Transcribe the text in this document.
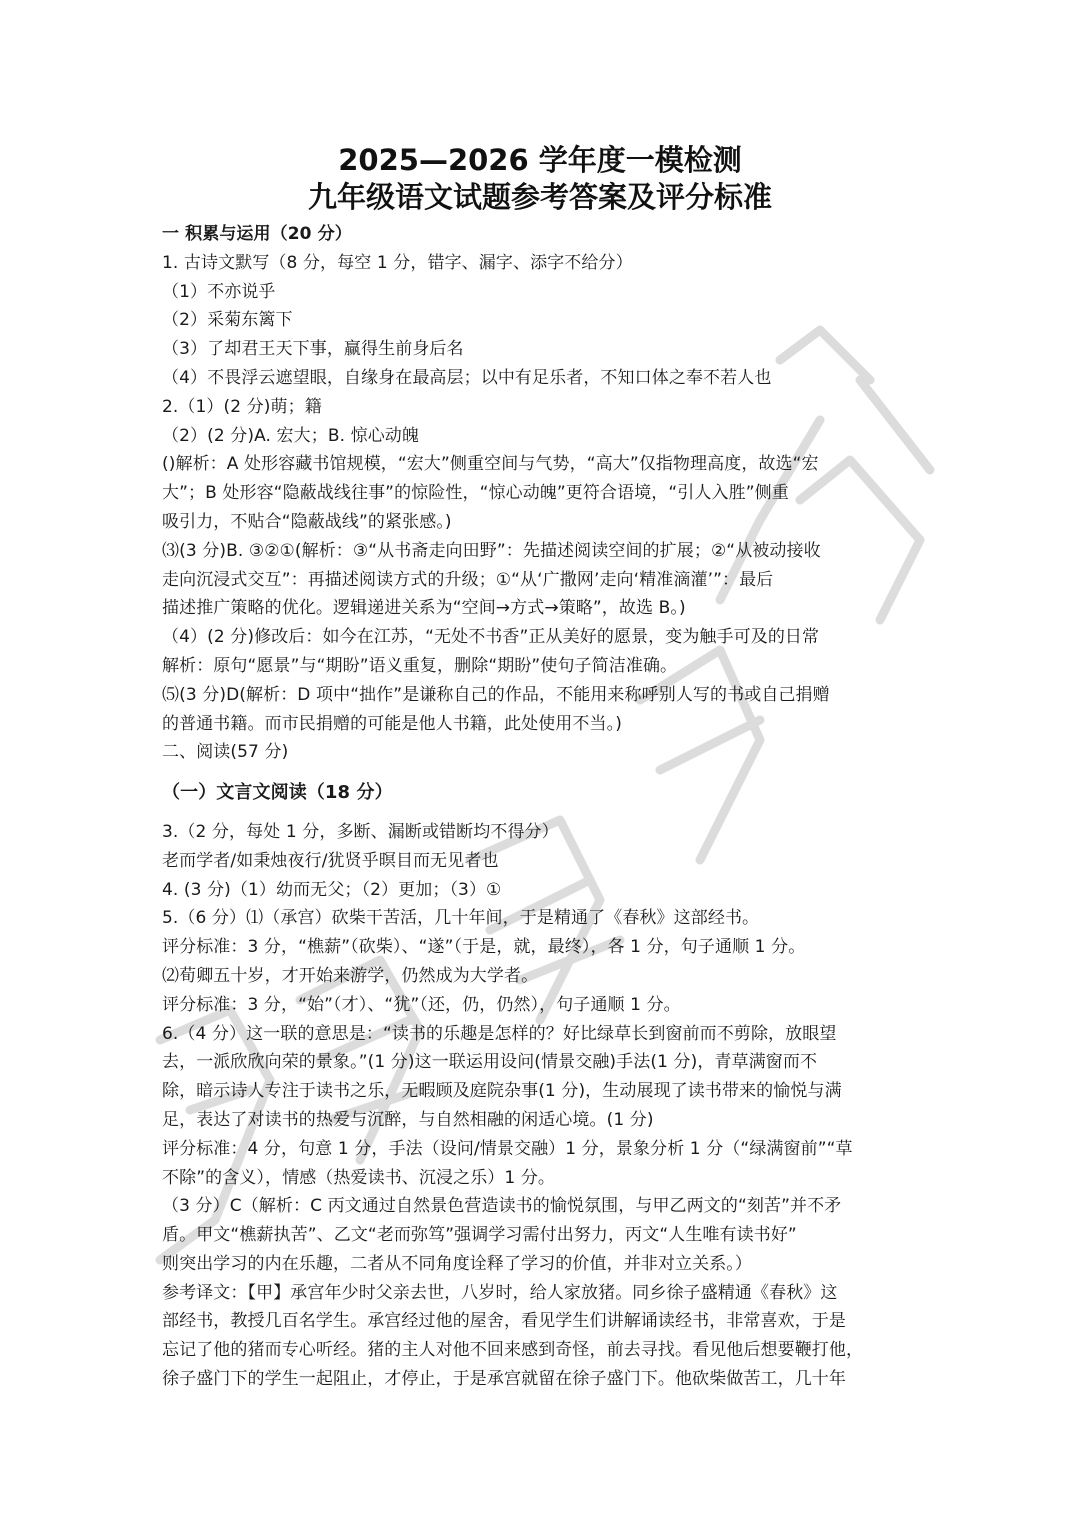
2025—2026 学年度一模检测
九年级语文试题参考答案及评分标准
一 积累与运用（20 分）
1. 古诗文默写（8 分，每空 1 分，错字、漏字、添字不给分）
（1）不亦说乎
（2）采菊东篱下
（3）了却君王天下事，赢得生前身后名
（4）不畏浮云遮望眼，自缘身在最高层；以中有足乐者，不知口体之奉不若人也
2.（1）(2 分)萌；籍
（2）(2 分)A. 宏大；B. 惊心动魄
()解析：A 处形容藏书馆规模，“宏大”侧重空间与气势，“高大”仅指物理高度，故选“宏
大”；B 处形容“隐蔽战线往事”的惊险性，“惊心动魄”更符合语境，“引人入胜”侧重
吸引力，不贴合“隐蔽战线”的紧张感。)
⑶(3 分)B. ③②①(解析：③“从书斋走向田野”：先描述阅读空间的扩展；②“从被动接收
走向沉浸式交互”：再描述阅读方式的升级；①“从‘广撒网’走向‘精准滴灌’”：最后
描述推广策略的优化。逻辑递进关系为“空间→方式→策略”，故选 B。)
（4）(2 分)修改后：如今在江苏，“无处不书香”正从美好的愿景，变为触手可及的日常
解析：原句“愿景”与“期盼”语义重复，删除“期盼”使句子简洁准确。
⑸(3 分)D(解析：D 项中“拙作”是谦称自己的作品，不能用来称呼别人写的书或自己捐赠
的普通书籍。而市民捐赠的可能是他人书籍，此处使用不当。)
二、阅读(57 分)
（一）文言文阅读（18 分）
3.（2 分，每处 1 分，多断、漏断或错断均不得分）
老而学者/如秉烛夜行/犹贤乎暝目而无见者也
4. (3 分)（1）幼而无父；（2）更加；（3）①
5.（6 分）⑴（承宫）砍柴干苦活，几十年间，于是精通了《春秋》这部经书。
评分标准：3 分，“樵薪”（砍柴）、“遂”（于是，就，最终），各 1 分，句子通顺 1 分。
⑵荀卿五十岁，才开始来游学，仍然成为大学者。
评分标准：3 分，“始”（才）、“犹”（还，仍，仍然），句子通顺 1 分。
6.（4 分）这一联的意思是：“读书的乐趣是怎样的？好比绿草长到窗前而不剪除，放眼望
去，一派欣欣向荣的景象。”(1 分)这一联运用设问(情景交融)手法(1 分)，青草满窗而不
除，暗示诗人专注于读书之乐，无暇顾及庭院杂事(1 分)，生动展现了读书带来的愉悦与满
足，表达了对读书的热爱与沉醉，与自然相融的闲适心境。(1 分)
评分标准：4 分，句意 1 分，手法（设问/情景交融）1 分，景象分析 1 分（“绿满窗前”“草
不除”的含义），情感（热爱读书、沉浸之乐）1 分。
（3 分）C（解析：C 丙文通过自然景色营造读书的愉悦氛围，与甲乙两文的“刻苦”并不矛
盾。甲文“樵薪执苦”、乙文“老而弥笃”强调学习需付出努力，丙文“人生唯有读书好”
则突出学习的内在乐趣，二者从不同角度诠释了学习的价值，并非对立关系。）
参考译文：【甲】承宫年少时父亲去世，八岁时，给人家放猪。同乡徐子盛精通《春秋》这
部经书，教授几百名学生。承宫经过他的屋舍，看见学生们讲解诵读经书，非常喜欢，于是
忘记了他的猪而专心听经。猪的主人对他不回来感到奇怪，前去寻找。看见他后想要鞭打他，
徐子盛门下的学生一起阻止，才停止，于是承宫就留在徐子盛门下。他砍柴做苦工，几十年
